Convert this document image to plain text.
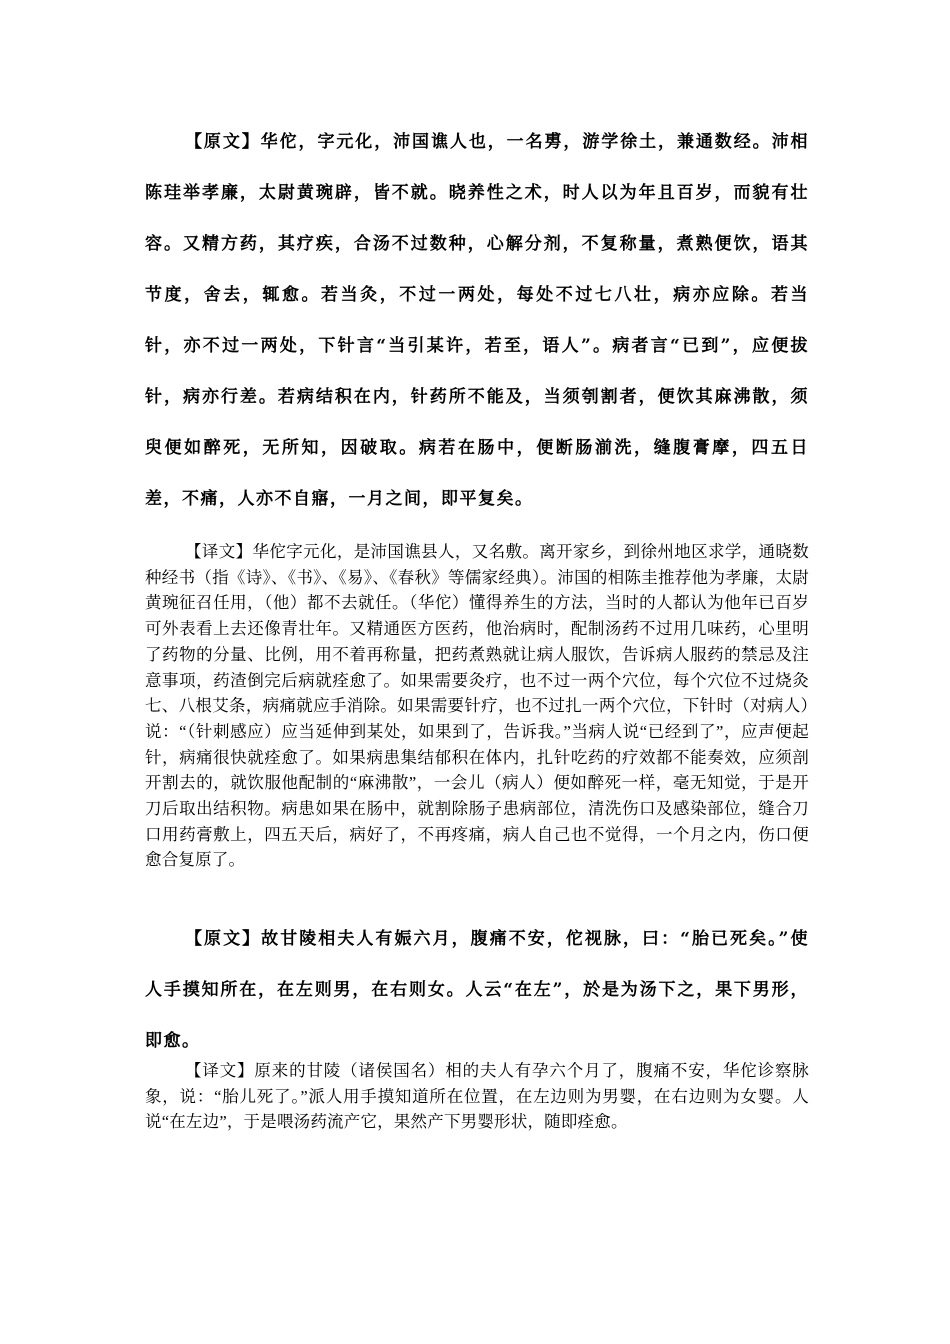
【原文】华佗，字元化，沛国谯人也，一名旉，游学徐土，兼通数经。沛相陈珪举孝廉，太尉黄琬辟，皆不就。晓养性之术，时人以为年且百岁，而貌有壮容。又精方药，其疗疾，合汤不过数种，心解分剂，不复称量，煮熟便饮，语其节度，舍去，辄愈。若当灸，不过一两处，每处不过七八壮，病亦应除。若当针，亦不过一两处，下针言“当引某许，若至，语人”。病者言“已到”，应便拔针，病亦行差。若病结积在内，针药所不能及，当须刳割者，便饮其麻沸散，须臾便如醉死，无所知，因破取。病若在肠中，便断肠湔洗，缝腹膏摩，四五日差，不痛，人亦不自寤，一月之间，即平复矣。

【译文】华佗字元化，是沛国谯县人，又名敷。离开家乡，到徐州地区求学，通晓数种经书（指《诗》、《书》、《易》、《春秋》等儒家经典）。沛国的相陈圭推荐他为孝廉，太尉黄琬征召任用，（他）都不去就任。（华佗）懂得养生的方法，当时的人都认为他年已百岁可外表看上去还像青壮年。又精通医方医药，他治病时，配制汤药不过用几味药，心里明了药物的分量、比例，用不着再称量，把药煮熟就让病人服饮，告诉病人服药的禁忌及注意事项，药渣倒完后病就痊愈了。如果需要灸疗，也不过一两个穴位，每个穴位不过烧灸七、八根艾条，病痛就应手消除。如果需要针疗，也不过扎一两个穴位，下针时（对病人）说：“（针刺感应）应当延伸到某处，如果到了，告诉我。”当病人说“已经到了”，应声便起针，病痛很快就痊愈了。如果病患集结郁积在体内，扎针吃药的疗效都不能奏效，应须剖开割去的，就饮服他配制的“麻沸散”，一会儿（病人）便如醉死一样，毫无知觉，于是开刀后取出结积物。病患如果在肠中，就割除肠子患病部位，清洗伤口及感染部位，缝合刀口用药膏敷上，四五天后，病好了，不再疼痛，病人自己也不觉得，一个月之内，伤口便愈合复原了。

【原文】故甘陵相夫人有娠六月，腹痛不安，佗视脉，曰：“胎已死矣。”使人手摸知所在，在左则男，在右则女。人云“在左”，於是为汤下之，果下男形，即愈。

【译文】原来的甘陵（诸侯国名）相的夫人有孕六个月了，腹痛不安，华佗诊察脉象，说：“胎儿死了。”派人用手摸知道所在位置，在左边则为男婴，在右边则为女婴。人说“在左边”，于是喂汤药流产它，果然产下男婴形状，随即痊愈。
